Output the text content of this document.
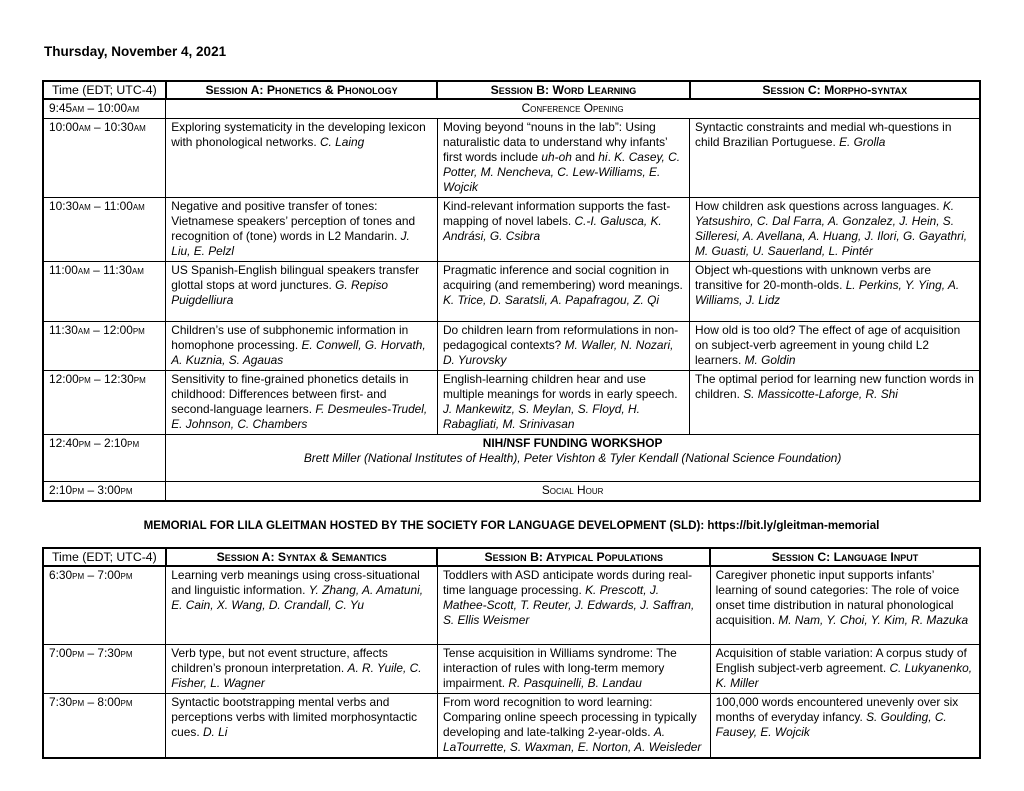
Thursday, November 4, 2021
Time (EDT; UTC-4)	Session A: Phonetics & Phonology	Session B: Word Learning	Session C: Morpho-syntax
9:45am – 10:00am	Conference Opening		

10:00am – 10:30am	Exploring systematicity in the developing lexicon with phonological networks. C. Laing	Moving beyond “nouns in the lab”: Using naturalistic data to understand why infants’ first words include uh-oh and hi. K. Casey, C. Potter, M. Nencheva, C. Lew-Williams, E. Wojcik	Syntactic constraints and medial wh-questions in child Brazilian Portuguese. E. Grolla
10:30am – 11:00am	Negative and positive transfer of tones: Vietnamese speakers’ perception of tones and recognition of (tone) words in L2 Mandarin. J. Liu, E. Pelzl	Kind-relevant information supports the fast-mapping of novel labels. C.-I. Galusca, K. Andrási, G. Csibra	How children ask questions across languages. K. Yatsushiro, C. Dal Farra, A. Gonzalez, J. Hein, S. Silleresi, A. Avellana, A. Huang, J. Ilori, G. Gayathri, M. Guasti, U. Sauerland, L. Pintér
11:00am – 11:30am	US Spanish-English bilingual speakers transfer glottal stops at word junctures. G. Repiso Puigdelliura	Pragmatic inference and social cognition in acquiring (and remembering) word meanings. K. Trice, D. Saratsli, A. Papafragou, Z. Qi	Object wh-questions with unknown verbs are transitive for 20-month-olds. L. Perkins, Y. Ying, A. Williams, J. Lidz
11:30am – 12:00pm	Children’s use of subphonemic information in homophone processing. E. Conwell, G. Horvath, A. Kuznia, S. Agauas	Do children learn from reformulations in non-pedagogical contexts? M. Waller, N. Nozari, D. Yurovsky	How old is too old? The effect of age of acquisition on subject-verb agreement in young child L2 learners. M. Goldin
12:00pm – 12:30pm	Sensitivity to fine-grained phonetics details in childhood: Differences between first- and second-language learners. F. Desmeules-Trudel, E. Johnson, C. Chambers	English-learning children hear and use multiple meanings for words in early speech. J. Mankewitz, S. Meylan, S. Floyd, H. Rabagliati, M. Srinivasan	The optimal period for learning new function words in children. S. Massicotte-Laforge, R. Shi
12:40pm – 2:10pm	NIH/NSF FUNDING WORKSHOP
Brett Miller (National Institutes of Health), Peter Vishton & Tyler Kendall (National Science Foundation)		

2:10pm – 3:00pm	Social Hour		

MEMORIAL FOR LILA GLEITMAN HOSTED BY THE SOCIETY FOR LANGUAGE DEVELOPMENT (SLD): https://bit.ly/gleitman-memorial

Time (EDT; UTC-4)	Session A: Syntax & Semantics	Session B: Atypical Populations	Session C: Language Input
6:30pm – 7:00pm	Learning verb meanings using cross-situational and linguistic information. Y. Zhang, A. Amatuni, E. Cain, X. Wang, D. Crandall, C. Yu	Toddlers with ASD anticipate words during real-time language processing. K. Prescott, J. Mathee-Scott, T. Reuter, J. Edwards, J. Saffran, S. Ellis Weismer	Caregiver phonetic input supports infants’ learning of sound categories: The role of voice onset time distribution in natural phonological acquisition. M. Nam, Y. Choi, Y. Kim, R. Mazuka
7:00pm – 7:30pm	Verb type, but not event structure, affects children’s pronoun interpretation. A. R. Yuile, C. Fisher, L. Wagner	Tense acquisition in Williams syndrome: The interaction of rules with long-term memory impairment. R. Pasquinelli, B. Landau	Acquisition of stable variation: A corpus study of English subject-verb agreement. C. Lukyanenko, K. Miller
7:30pm – 8:00pm	Syntactic bootstrapping mental verbs and perceptions verbs with limited morphosyntactic cues. D. Li	From word recognition to word learning: Comparing online speech processing in typically developing and late-talking 2-year-olds. A. LaTourrette, S. Waxman, E. Norton, A. Weisleder	100,000 words encountered unevenly over six months of everyday infancy. S. Goulding, C. Fausey, E. Wojcik
